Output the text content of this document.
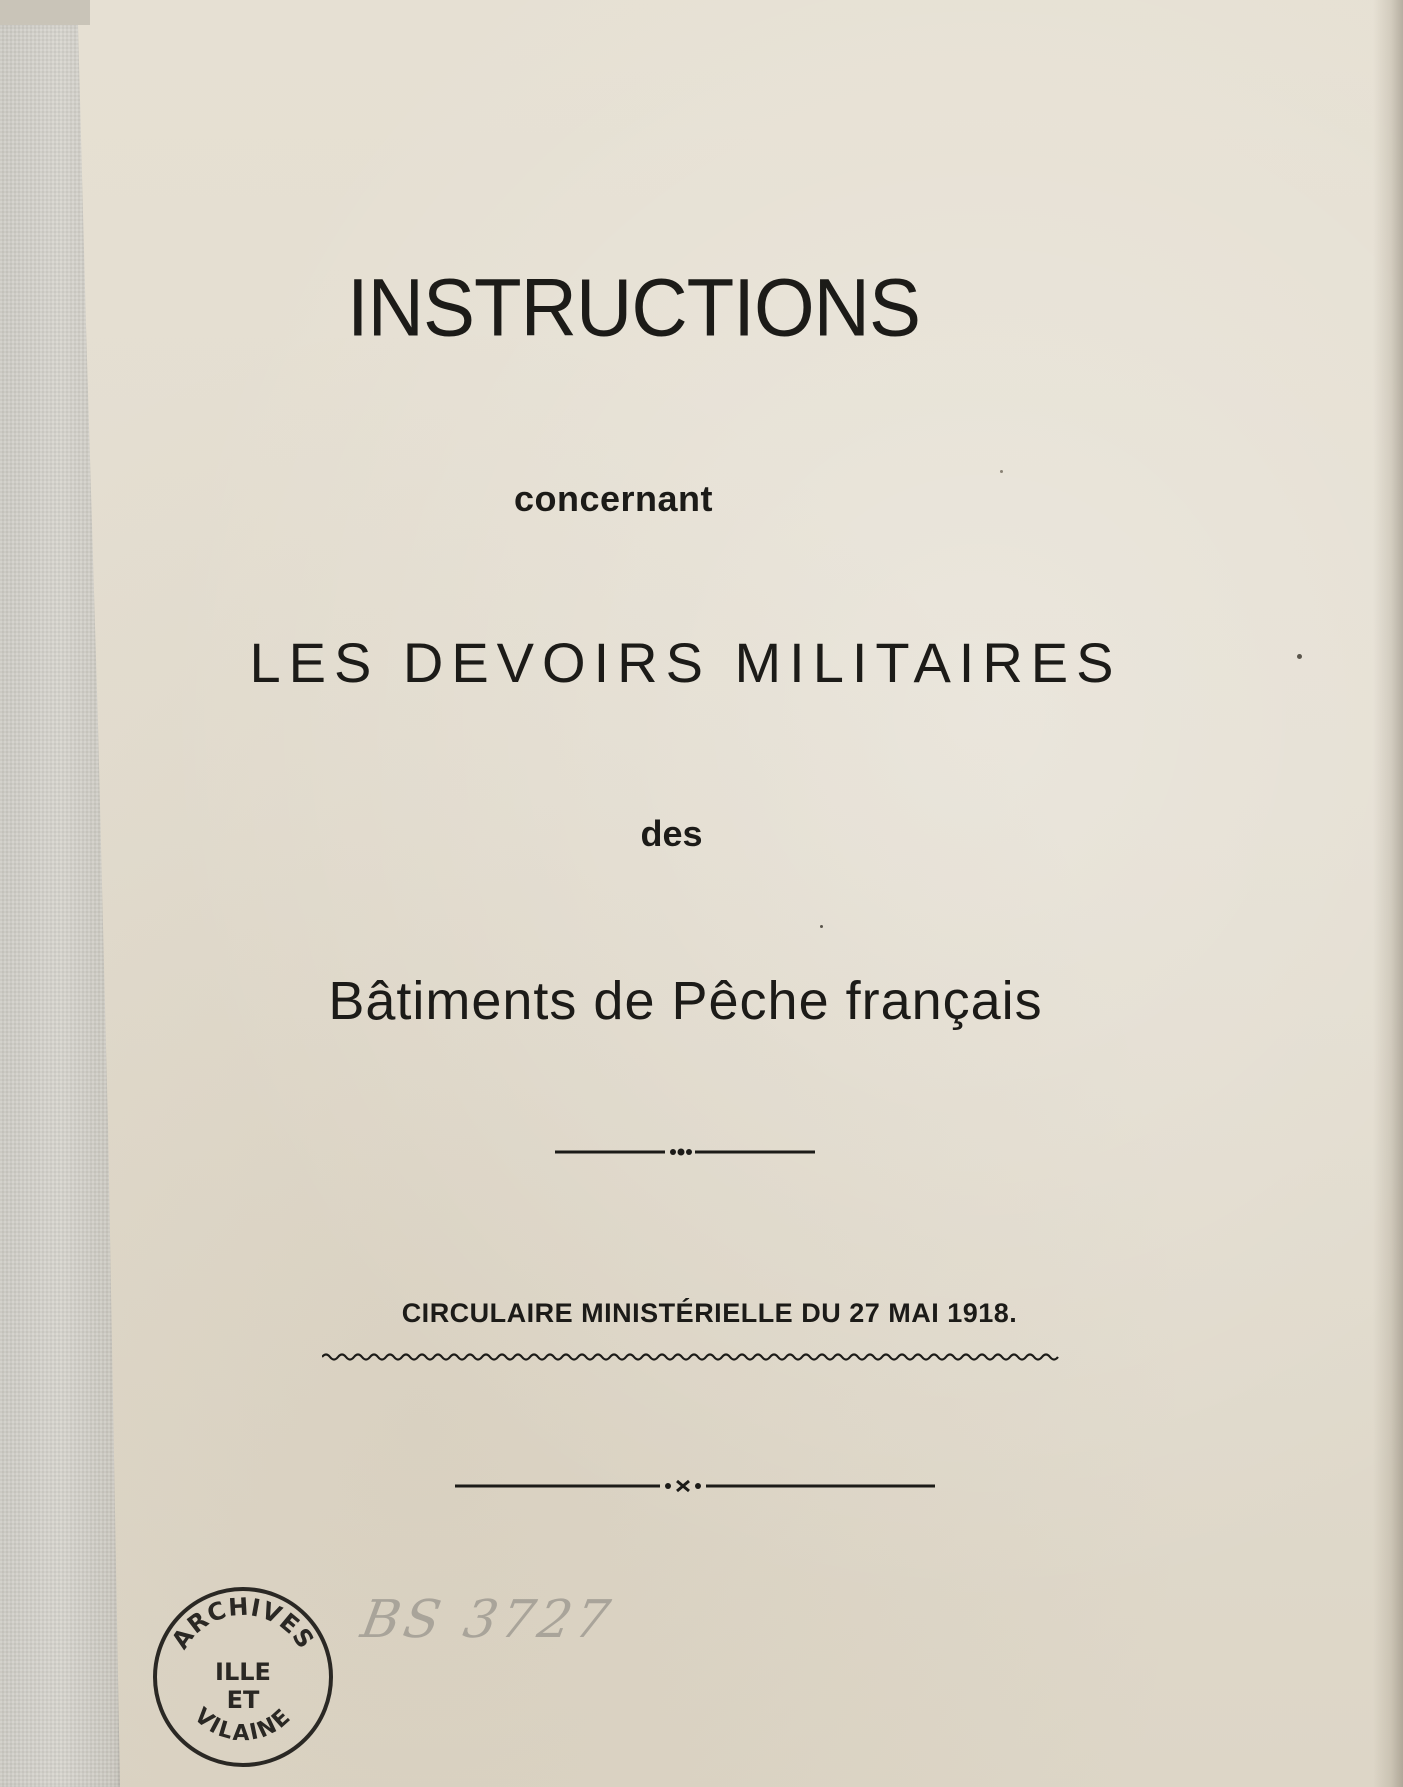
INSTRUCTIONS
concernant
LES DEVOIRS MILITAIRES
des
Bâtiments de Pêche français
CIRCULAIRE MINISTÉRIELLE DU 27 MAI 1918.
BS 3727
ARCHIVES
ILLE
ET
VILAINE
